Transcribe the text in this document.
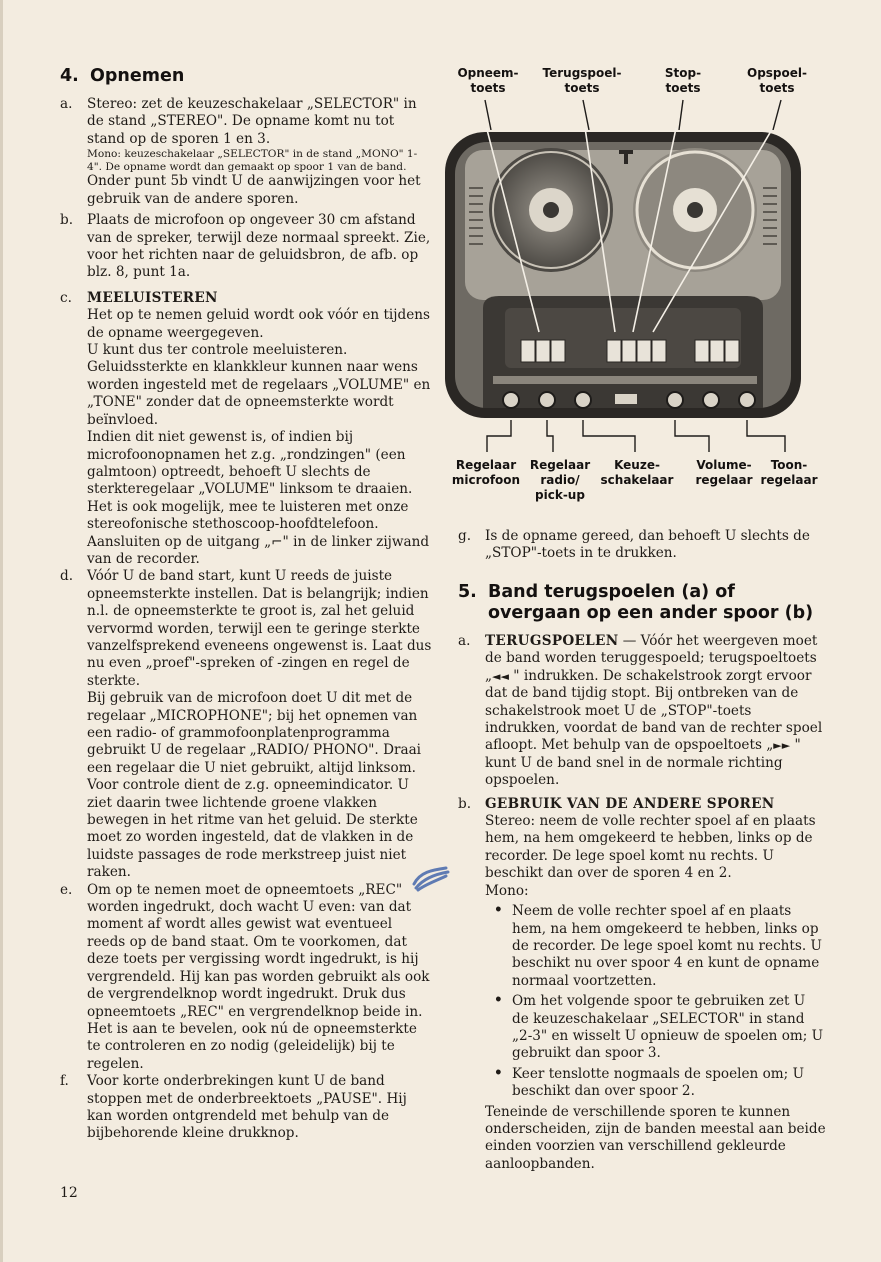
4. Opnemen
a. Stereo: zet de keuzeschakelaar „SELECTOR" in de stand „STEREO". De opname komt nu tot stand op de sporen 1 en 3.

Mono: keuzeschakelaar „SELECTOR" in de stand „MONO" 1-4". De opname wordt dan gemaakt op spoor 1 van de band.

Onder punt 5b vindt U de aanwijzingen voor het gebruik van de andere sporen.

b. Plaats de microfoon op ongeveer 30 cm afstand van de spreker, terwijl deze normaal spreekt. Zie, voor het richten naar de geluidsbron, de afb. op blz. 8, punt 1a.

c. MEELUISTEREN

Het op te nemen geluid wordt ook vóór en tijdens de opname weergegeven.

U kunt dus ter controle meeluisteren. Geluidssterkte en klankkleur kunnen naar wens worden ingesteld met de regelaars „VOLUME" en „TONE" zonder dat de opneemsterkte wordt beïnvloed.

Indien dit niet gewenst is, of indien bij microfoonopnamen het z.g. „rondzingen" (een galmtoon) optreedt, behoeft U slechts de sterkteregelaar „VOLUME" linksom te draaien. Het is ook mogelijk, mee te luisteren met onze stereofonische stethoscoop-hoofdtelefoon. Aansluiten op de uitgang „⌐" in de linker zijwand van de recorder.

d. Vóór U de band start, kunt U reeds de juiste opneemsterkte instellen. Dat is belangrijk; indien n.l. de opneemsterkte te groot is, zal het geluid vervormd worden, terwijl een te geringe sterkte vanzelfsprekend eveneens ongewenst is. Laat dus nu even „proef"-spreken of -zingen en regel de sterkte.

Bij gebruik van de microfoon doet U dit met de regelaar „MICROPHONE"; bij het opnemen van een radio- of grammofoonplatenprogramma gebruikt U de regelaar „RADIO/ PHONO". Draai een regelaar die U niet gebruikt, altijd linksom. Voor controle dient de z.g. opneemindicator. U ziet daarin twee lichtende groene vlakken bewegen in het ritme van het geluid. De sterkte moet zo worden ingesteld, dat de vlakken in de luidste passages de rode merkstreep juist niet raken.

e. Om op te nemen moet de opneemtoets „REC" worden ingedrukt, doch wacht U even: van dat moment af wordt alles gewist wat eventueel reeds op de band staat. Om te voorkomen, dat deze toets per vergissing wordt ingedrukt, is hij vergrendeld. Hij kan pas worden gebruikt als ook de vergrendelknop wordt ingedrukt. Druk dus opneemtoets „REC" en vergrendelknop beide in. Het is aan te bevelen, ook nú de opneemsterkte te controleren en zo nodig (geleidelijk) bij te regelen.

f. Voor korte onderbrekingen kunt U de band stoppen met de onderbreektoets „PAUSE". Hij kan worden ontgrendeld met behulp van de bijbehorende kleine drukknop.

Opneem-
toets
Terugspoel-
toets
Stop-
toets
Opspoel-
toets
Regelaar
microfoon
Regelaar
radio/
pick-up
Keuze-
schakelaar
Volume-
regelaar
Toon-
regelaar
g. Is de opname gereed, dan behoeft U slechts de „STOP"-toets in te drukken.

5. Band terugspoelen (a) of
overgaan op een ander spoor (b)
a. TERUGSPOELEN — Vóór het weergeven moet de band worden teruggespoeld; terugspoeltoets „◄◄ " indrukken. De schakelstrook zorgt ervoor dat de band tijdig stopt. Bij ontbreken van de schakelstrook moet U de „STOP"-toets indrukken, voordat de band van de rechter spoel afloopt. Met behulp van de opspoeltoets „►► " kunt U de band snel in de normale richting opspoelen.

b. GEBRUIK VAN DE ANDERE SPOREN

Stereo: neem de volle rechter spoel af en plaats hem, na hem omgekeerd te hebben, links op de recorder. De lege spoel komt nu rechts. U beschikt dan over de sporen 4 en 2.

Mono:

• Neem de volle rechter spoel af en plaats hem, na hem omgekeerd te hebben, links op de recorder. De lege spoel komt nu rechts. U beschikt nu over spoor 4 en kunt de opname normaal voortzetten.
• Om het volgende spoor te gebruiken zet U de keuzeschakelaar „SELECTOR" in stand „2-3" en wisselt U opnieuw de spoelen om; U gebruikt dan spoor 3.
• Keer tenslotte nogmaals de spoelen om; U beschikt dan over spoor 2.

Teneinde de verschillende sporen te kunnen onderscheiden, zijn de banden meestal aan beide einden voorzien van verschillend gekleurde aanloopbanden.

12
